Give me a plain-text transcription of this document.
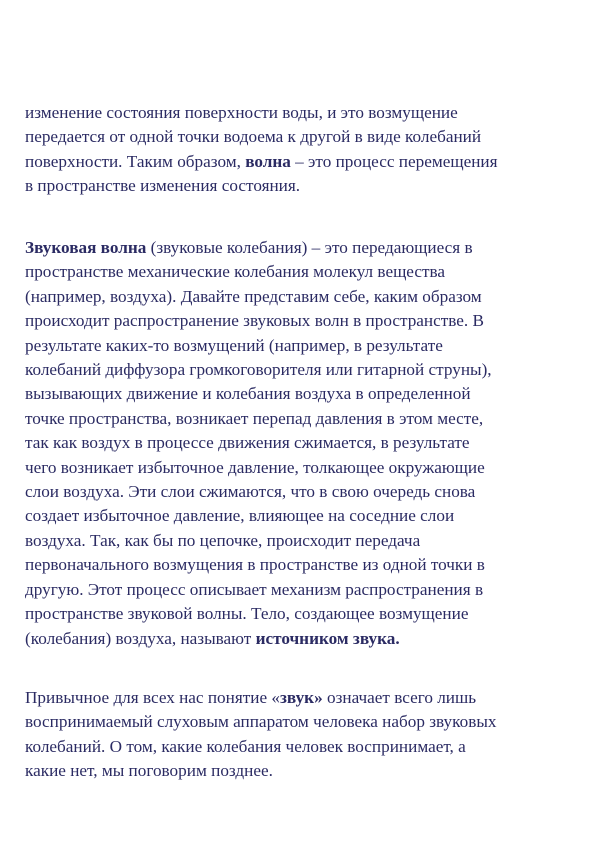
изменение состояния поверхности воды, и это возмущение
передается от одной точки водоема к другой в виде колебаний
поверхности. Таким образом, волна – это процесс перемещения
в пространстве изменения состояния.

Звуковая волна (звуковые колебания) – это передающиеся в
пространстве механические колебания молекул вещества
(например, воздуха). Давайте представим себе, каким образом
происходит распространение звуковых волн в пространстве. В
результате каких-то возмущений (например, в результате
колебаний диффузора громкоговорителя или гитарной струны),
вызывающих движение и колебания воздуха в определенной
точке пространства, возникает перепад давления в этом месте,
так как воздух в процессе движения сжимается, в результате
чего возникает избыточное давление, толкающее окружающие
слои воздуха. Эти слои сжимаются, что в свою очередь снова
создает избыточное давление, влияющее на соседние слои
воздуха. Так, как бы по цепочке, происходит передача
первоначального возмущения в пространстве из одной точки в
другую. Этот процесс описывает механизм распространения в
пространстве звуковой волны. Тело, создающее возмущение
(колебания) воздуха, называют источником звука.

Привычное для всех нас понятие «звук» означает всего лишь
воспринимаемый слуховым аппаратом человека набор звуковых
колебаний. О том, какие колебания человек воспринимает, а
какие нет, мы поговорим позднее.
